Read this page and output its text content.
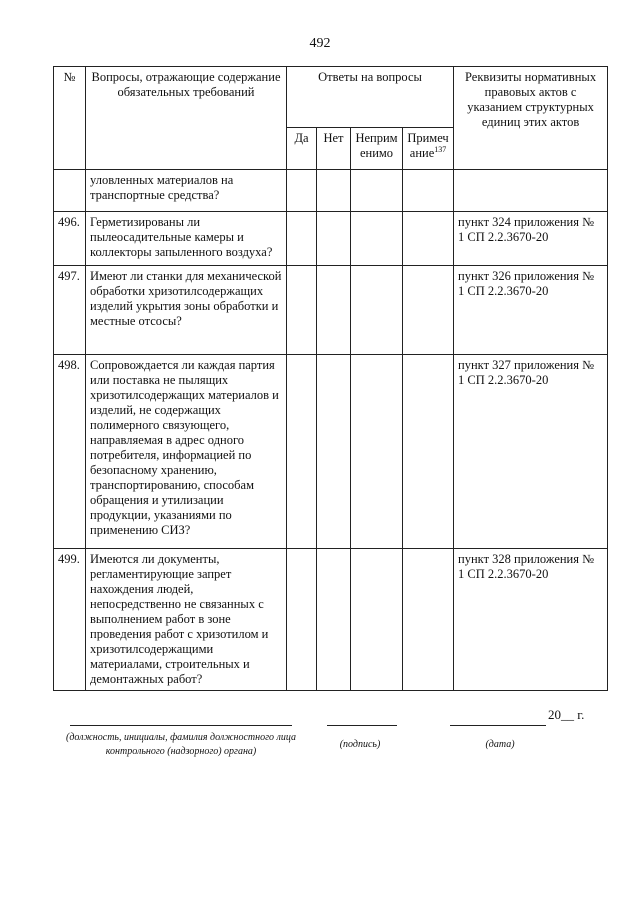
492
№	Вопросы, отражающие содержание обязательных требований	Ответы на вопросы				Реквизиты нормативных правовых актов с указанием структурных единиц этих актов
		Да	Нет	Неприм енимо	Примеч ание$^{137}$
	уловленных материалов на транспортные средства?					
496.	Герметизированы ли пылеосадительные камеры и коллекторы запыленного воздуха?					пункт 324 приложения № 1 СП 2.2.3670-20
497.	Имеют ли станки для механической обработки хризотилсодержащих изделий укрытия зоны обработки и местные отсосы?					пункт 326 приложения № 1 СП 2.2.3670-20
498.	Сопровождается ли каждая партия или поставка не пылящих хризотилсодержащих материалов и изделий, не содержащих полимерного связующего, направляемая в адрес одного потребителя, информацией по безопасному хранению, транспортированию, способам обращения и утилизации продукции, указаниями по применению СИЗ?					пункт 327 приложения № 1 СП 2.2.3670-20
499.	Имеются ли документы, регламентирующие запрет нахождения людей, непосредственно не связанных с выполнением работ в зоне проведения работ с хризотилом и хризотилсодержащими материалами, строительных и демонтажных работ?					пункт 328 приложения № 1 СП 2.2.3670-20
(должность, инициалы, фамилия должностного лица контрольного (надзорного) органа)
(подпись)
20__ г.
(дата)
